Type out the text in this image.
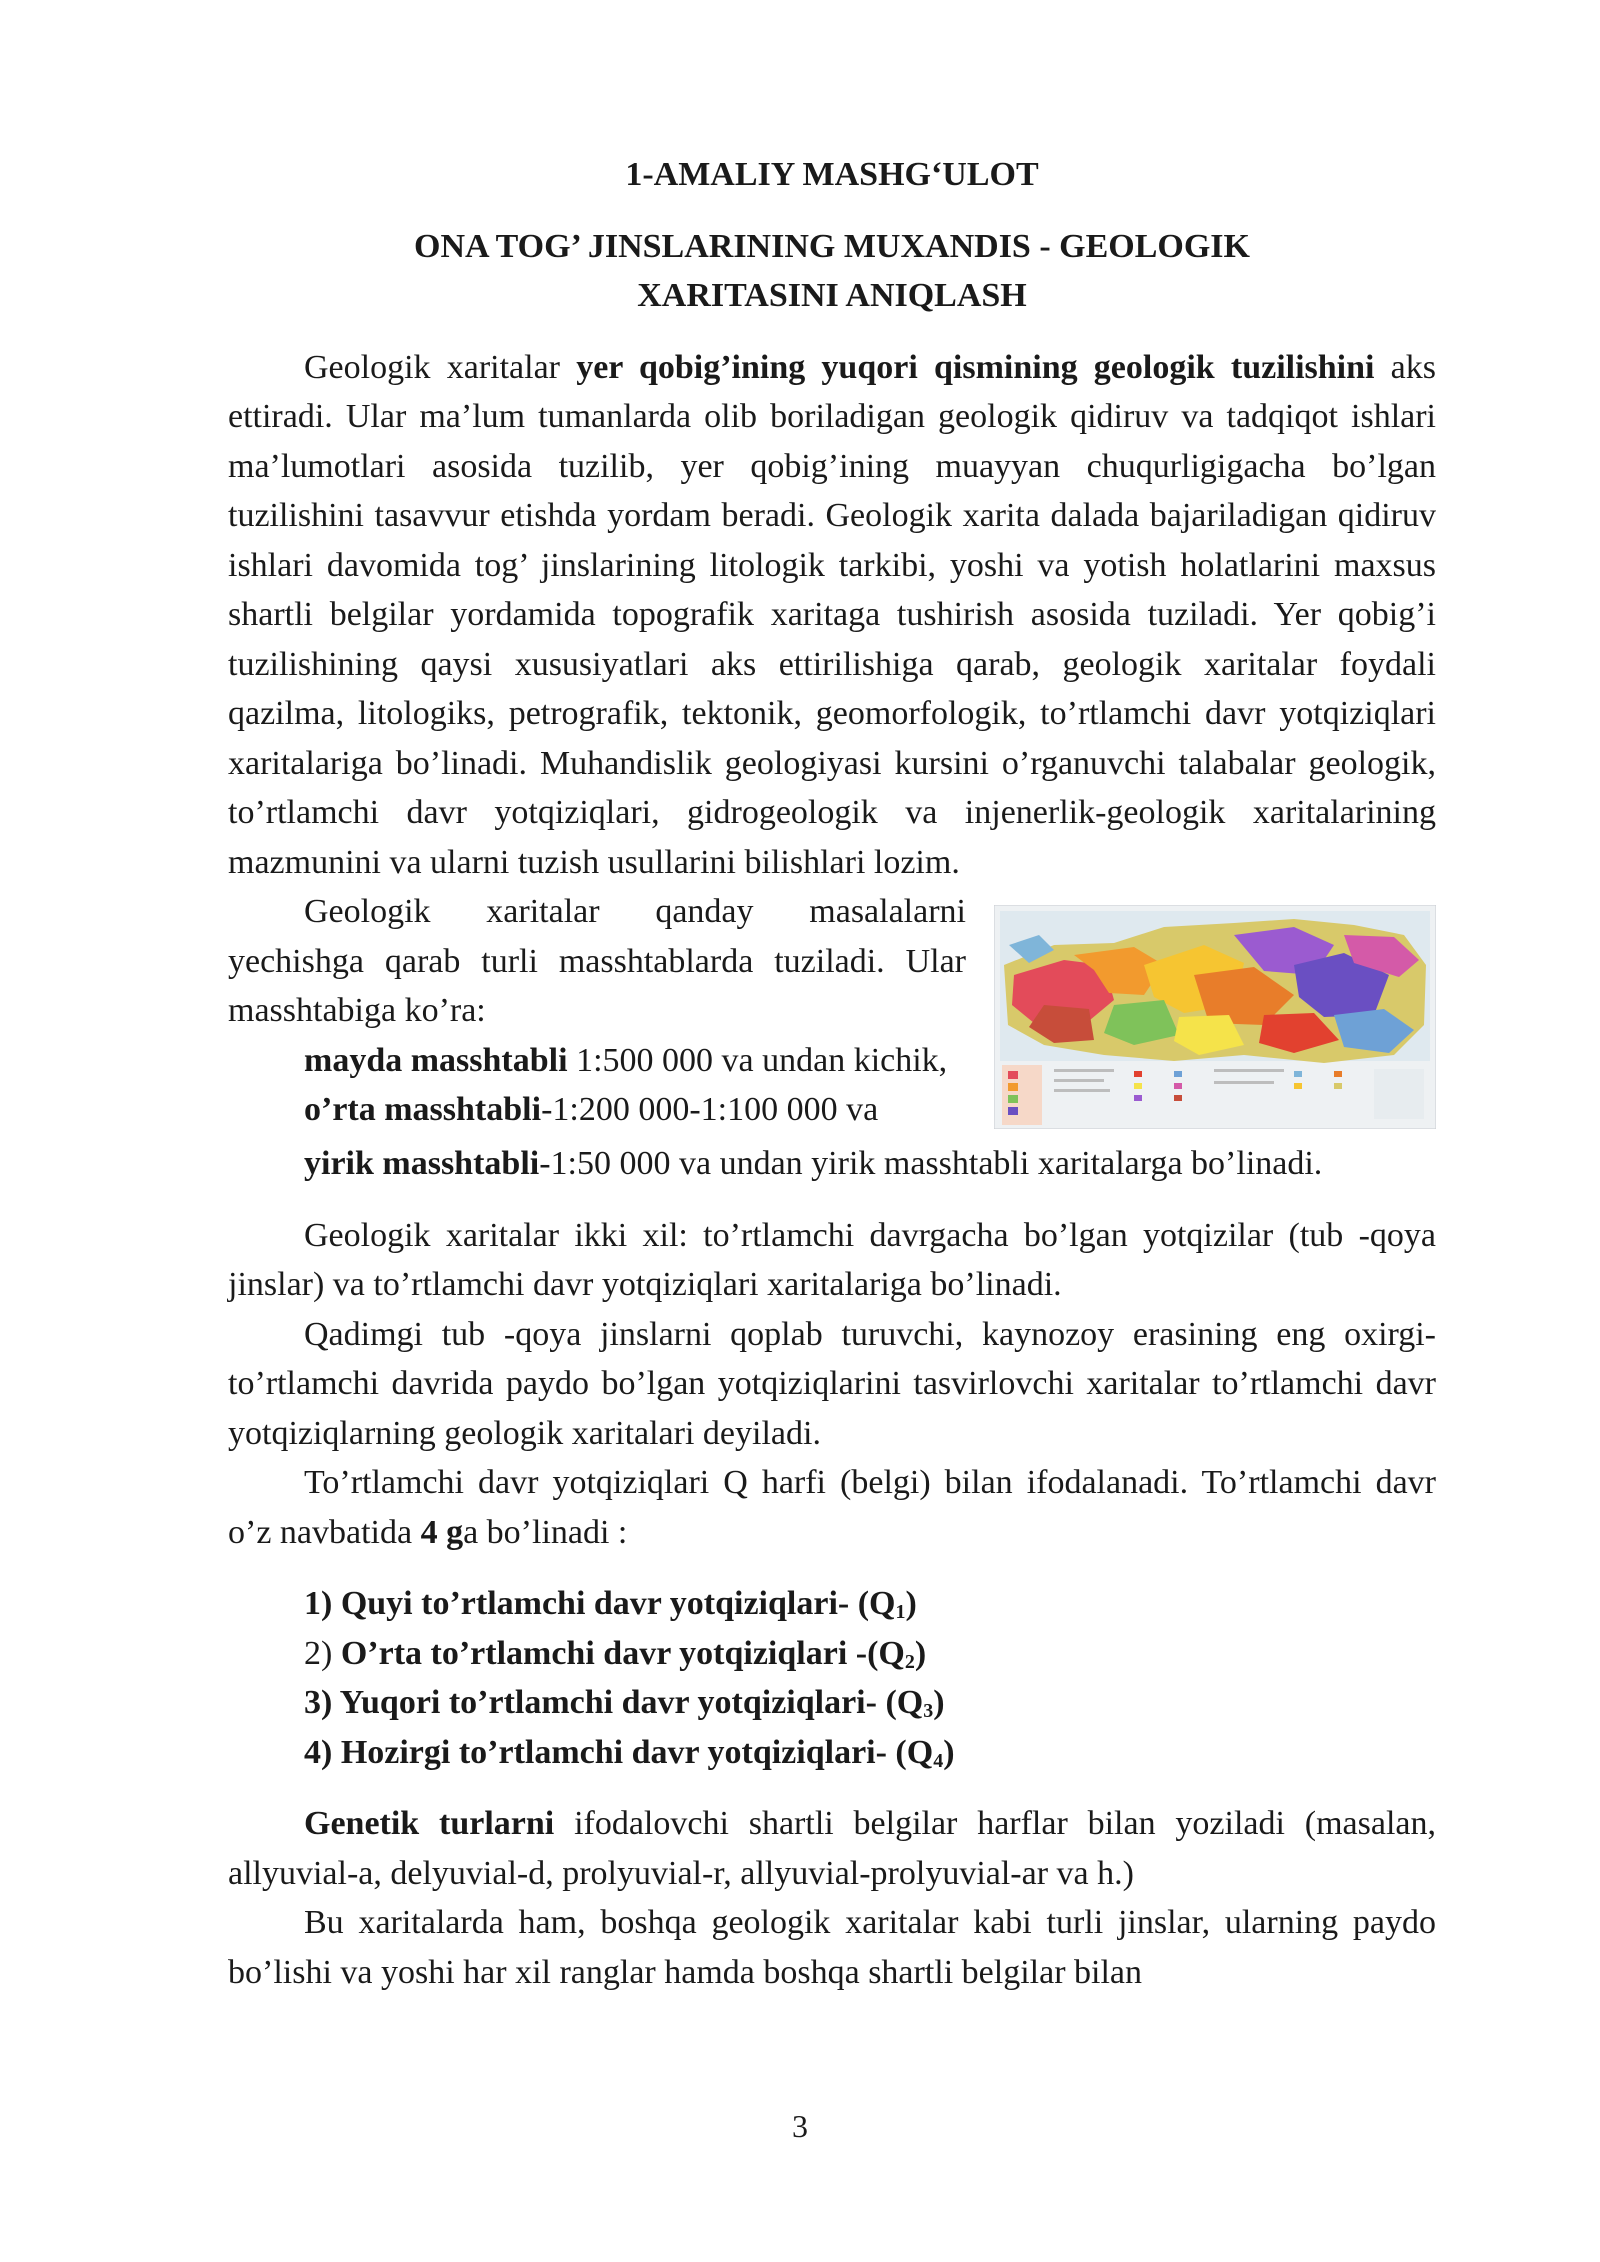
1-AMALIY MASHG‘ULOT
ONA TOG’ JINSLARINING MUXANDIS - GEOLOGIK
XARITASINI ANIQLASH

Geologik xaritalar yer qobig’ining yuqori qismining geologik tuzilishini aks ettiradi. Ular ma’lum tumanlarda olib boriladigan geologik qidiruv va tadqiqot ishlari ma’lumotlari asosida tuzilib, yer qobig’ining muayyan chuqurligigacha bo’lgan tuzilishini tasavvur etishda yordam beradi. Geologik xarita dalada bajariladigan qidiruv ishlari davomida tog’ jinslarining litologik tarkibi, yoshi va yotish holatlarini maxsus shartli belgilar yordamida topografik xaritaga tushirish asosida tuziladi. Yer qobig’i tuzilishining qaysi xususiyatlari aks ettirilishiga qarab, geologik xaritalar foydali qazilma, litologiks, petrografik, tektonik, geomorfologik, to’rtlamchi davr yotqiziqlari xaritalariga bo’linadi. Muhandislik geologiyasi kursini o’rganuvchi talabalar geologik, to’rtlamchi davr yotqiziqlari, gidrogeologik va injenerlik-geologik xaritalarining mazmunini va ularni tuzish usullarini bilishlari lozim.

Geologik xaritalar qanday masalalarni yechishga qarab turli masshtablarda tuziladi. Ular masshtabiga ko’ra:

mayda masshtabli 1:500 000 va undan kichik,

o’rta masshtabli-1:200 000-1:100 000 va

yirik masshtabli-1:50 000 va undan yirik masshtabli xaritalarga bo’linadi.

Geologik xaritalar ikki xil: to’rtlamchi davrgacha bo’lgan yotqizilar (tub -qoya jinslar) va to’rtlamchi davr yotqiziqlari xaritalariga bo’linadi.

Qadimgi tub -qoya jinslarni qoplab turuvchi, kaynozoy erasining eng oxirgi-to’rtlamchi davrida paydo bo’lgan yotqiziqlarini tasvirlovchi xaritalar to’rtlamchi davr yotqiziqlarning geologik xaritalari deyiladi.

To’rtlamchi davr yotqiziqlari Q harfi (belgi) bilan ifodalanadi. To’rtlamchi davr o’z navbatida 4 ga bo’linadi :

1) Quyi to’rtlamchi davr yotqiziqlari- $(Q_1)$
2) O’rta to’rtlamchi davr yotqiziqlari $-(Q_2)$
3) Yuqori to’rtlamchi davr yotqiziqlari- $(Q_3)$
4) Hozirgi to’rtlamchi davr yotqiziqlari- $(Q_4)$

Genetik turlarni ifodalovchi shartli belgilar harflar bilan yoziladi (masalan, allyuvial-a, delyuvial-d, prolyuvial-r, allyuvial-prolyuvial-ar va h.)

Bu xaritalarda ham, boshqa geologik xaritalar kabi turli jinslar, ularning paydo bo’lishi va yoshi har xil ranglar hamda boshqa shartli belgilar bilan

3
